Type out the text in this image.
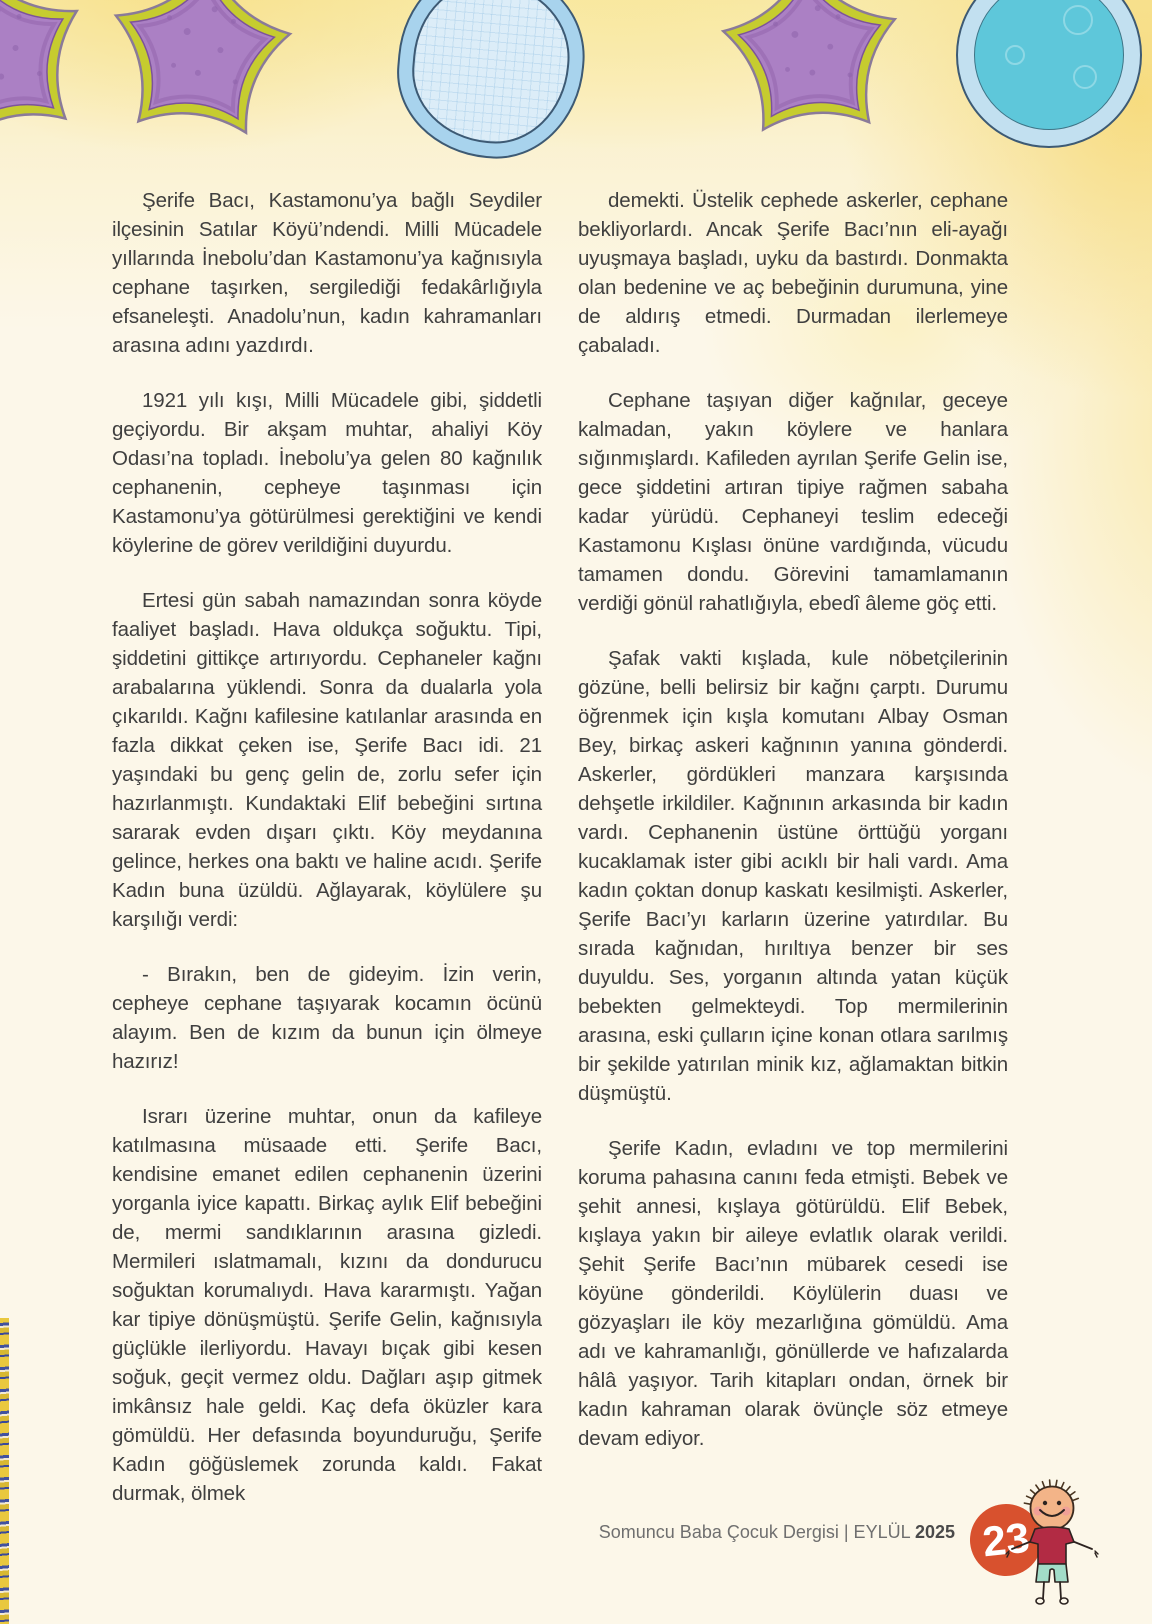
Şerife Bacı, Kastamonu’ya bağlı Seydiler ilçesinin Satılar Köyü’ndendi. Milli Mücadele yıllarında İnebolu’dan Kastamonu’ya kağnısıyla cephane taşırken, sergilediği fedakârlığıyla efsaneleşti. Anadolu’nun, kadın kahramanları arasına adını yazdırdı.

1921 yılı kışı, Milli Mücadele gibi, şiddetli geçiyordu. Bir akşam muhtar, ahaliyi Köy Odası’na topladı. İnebolu’ya gelen 80 kağnılık cephanenin, cepheye taşınması için Kastamonu’ya götürülmesi gerektiğini ve kendi köylerine de görev verildiğini duyurdu.

Ertesi gün sabah namazından sonra köyde faaliyet başladı. Hava oldukça soğuktu. Tipi, şiddetini gittikçe artırıyordu. Cephaneler kağnı arabalarına yüklendi. Sonra da dualarla yola çıkarıldı. Kağnı kafilesine katılanlar arasında en fazla dikkat çeken ise, Şerife Bacı idi. 21 yaşındaki bu genç gelin de, zorlu sefer için hazırlanmıştı. Kundaktaki Elif bebeğini sırtına sararak evden dışarı çıktı. Köy meydanına gelince, herkes ona baktı ve haline acıdı. Şerife Kadın buna üzüldü. Ağlayarak, köylülere şu karşılığı verdi:

- Bırakın, ben de gideyim. İzin verin, cepheye cephane taşıyarak kocamın öcünü alayım. Ben de kızım da bunun için ölmeye hazırız!

Israrı üzerine muhtar, onun da kafileye katılmasına müsaade etti. Şerife Bacı, kendisine emanet edilen cephanenin üzerini yorganla iyice kapattı. Birkaç aylık Elif bebeğini de, mermi sandıklarının arasına gizledi. Mermileri ıslatmamalı, kızını da dondurucu soğuktan korumalıydı. Hava kararmıştı. Yağan kar tipiye dönüşmüştü. Şerife Gelin, kağnısıyla güçlükle ilerliyordu. Havayı bıçak gibi kesen soğuk, geçit vermez oldu. Dağları aşıp gitmek imkânsız hale geldi. Kaç defa öküzler kara gömüldü. Her defasında boyunduruğu, Şerife Kadın göğüslemek zorunda kaldı. Fakat durmak, ölmek

demekti. Üstelik cephede askerler, cephane bekliyorlardı. Ancak Şerife Bacı’nın eli-ayağı uyuşmaya başladı, uyku da bastırdı. Donmakta olan bedenine ve aç bebeğinin durumuna, yine de aldırış etmedi. Durmadan ilerlemeye çabaladı.

Cephane taşıyan diğer kağnılar, geceye kalmadan, yakın köylere ve hanlara sığınmışlardı. Kafileden ayrılan Şerife Gelin ise, gece şiddetini artıran tipiye rağmen sabaha kadar yürüdü. Cephaneyi teslim edeceği Kastamonu Kışlası önüne vardığında, vücudu tamamen dondu. Görevini tamamlamanın verdiği gönül rahatlığıyla, ebedî âleme göç etti.

Şafak vakti kışlada, kule nöbetçilerinin gözüne, belli belirsiz bir kağnı çarptı. Durumu öğrenmek için kışla komutanı Albay Osman Bey, birkaç askeri kağnının yanına gönderdi. Askerler, gördükleri manzara karşısında dehşetle irkildiler. Kağnının arkasında bir kadın vardı. Cephanenin üstüne örttüğü yorganı kucaklamak ister gibi acıklı bir hali vardı. Ama kadın çoktan donup kaskatı kesilmişti. Askerler, Şerife Bacı’yı karların üzerine yatırdılar. Bu sırada kağnıdan, hırıltıya benzer bir ses duyuldu. Ses, yorganın altında yatan küçük bebekten gelmekteydi. Top mermilerinin arasına, eski çulların içine konan otlara sarılmış bir şekilde yatırılan minik kız, ağlamaktan bitkin düşmüştü.

Şerife Kadın, evladını ve top mermilerini koruma pahasına canını feda etmişti. Bebek ve şehit annesi, kışlaya götürüldü. Elif Bebek, kışlaya yakın bir aileye evlatlık olarak verildi. Şehit Şerife Bacı’nın mübarek cesedi ise köyüne gönderildi. Köylülerin duası ve gözyaşları ile köy mezarlığına gömüldü. Ama adı ve kahramanlığı, gönüllerde ve hafızalarda hâlâ yaşıyor. Tarih kitapları ondan, örnek bir kadın kahraman olarak övünçle söz etmeye devam ediyor.

Somuncu Baba Çocuk Dergisi | EYLÜL 2025 23
